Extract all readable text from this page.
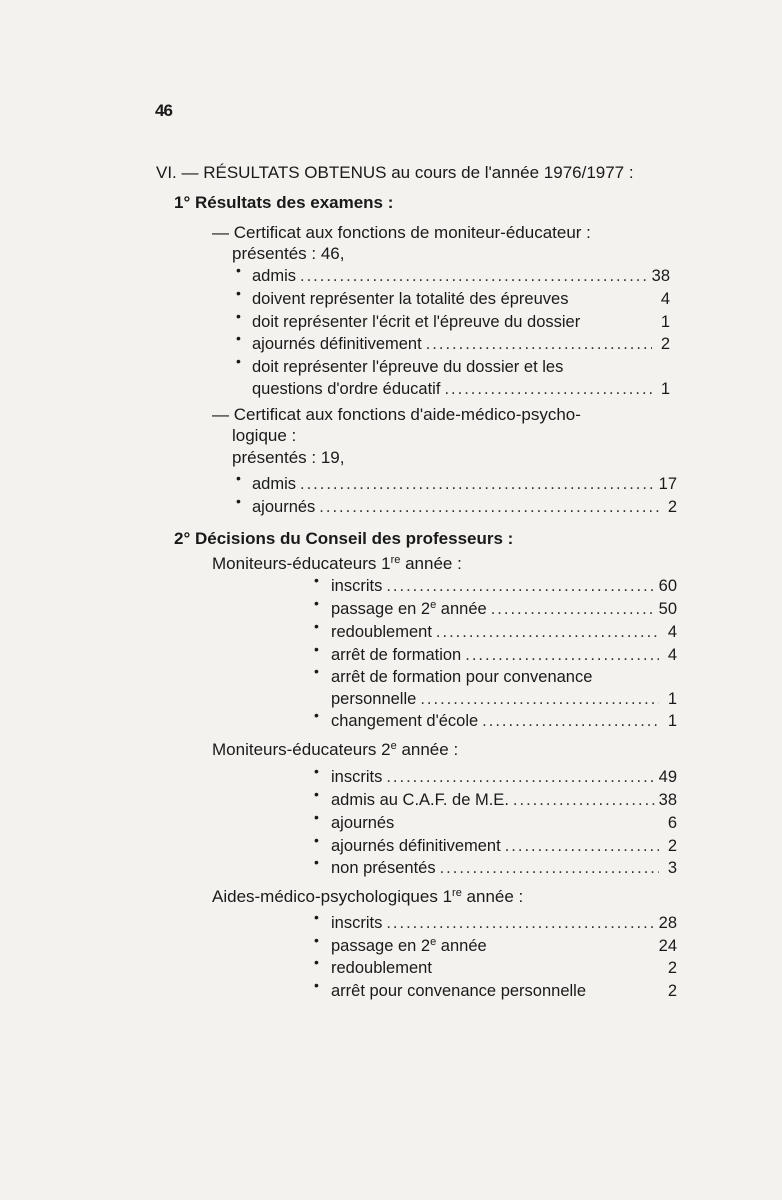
46
VI. — RÉSULTATS OBTENUS au cours de l'année 1976/1977 :
1° Résultats des examens :
— Certificat aux fonctions de moniteur-éducateur :
présentés : 46,
• admis .....	38
• doivent représenter la totalité des épreuves	4
• doit représenter l'écrit et l'épreuve du dossier	1
• ajournés définitivement .....	2
• doit représenter l'épreuve du dossier et les
questions d'ordre éducatif .....	1
— Certificat aux fonctions d'aide-médico-psycho-
logique :
présentés : 19,
• admis .....	17
• ajournés .....	2
2° Décisions du Conseil des professeurs :
Moniteurs-éducateurs 1re année :
• inscrits .....	60
• passage en 2e année .....	50
• redoublement .....	4
• arrêt de formation .....	4
• arrêt de formation pour convenance
personnelle .....	1
• changement d'école .....	1
Moniteurs-éducateurs 2e année :
• inscrits .....	49
• admis au C.A.F. de M.E. .....	38
• ajournés	6
• ajournés définitivement .....	2
• non présentés .....	3
Aides-médico-psychologiques 1re année :
• inscrits .....	28
• passage en 2e année	24
• redoublement	2
• arrêt pour convenance personnelle	2
